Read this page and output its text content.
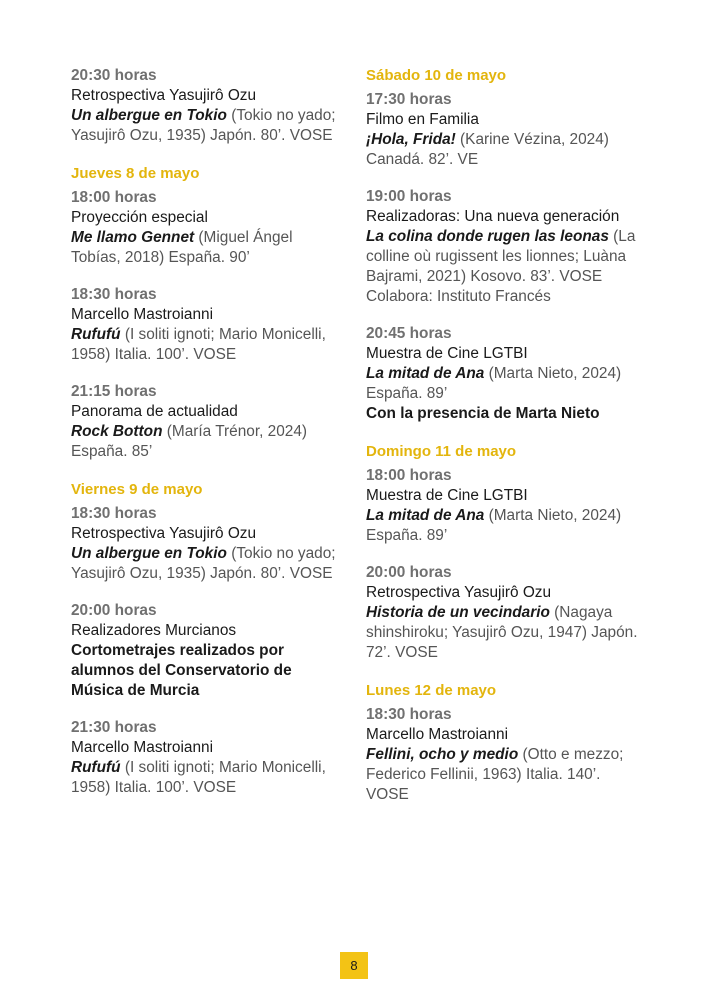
20:30 horas
Retrospectiva Yasujirô Ozu
Un albergue en Tokio (Tokio no yado; Yasujirô Ozu, 1935) Japón. 80’. VOSE
Jueves 8 de mayo
18:00 horas
Proyección especial
Me llamo Gennet (Miguel Ángel Tobías, 2018) España. 90’
18:30 horas
Marcello Mastroianni
Rufufú (I soliti ignoti; Mario Monicelli, 1958) Italia. 100’. VOSE
21:15 horas
Panorama de actualidad
Rock Botton (María Trénor, 2024) España. 85’
Viernes 9 de mayo
18:30 horas
Retrospectiva Yasujirô Ozu
Un albergue en Tokio (Tokio no yado; Yasujirô Ozu, 1935) Japón. 80’. VOSE
20:00 horas
Realizadores Murcianos
Cortometrajes realizados por alumnos del Conservatorio de Música de Murcia
21:30 horas
Marcello Mastroianni
Rufufú (I soliti ignoti; Mario Monicelli, 1958) Italia. 100’. VOSE
Sábado 10 de mayo
17:30 horas
Filmo en Familia
¡Hola, Frida! (Karine Vézina, 2024) Canadá. 82’. VE
19:00 horas
Realizadoras: Una nueva generación
La colina donde rugen las leonas (La colline où rugissent les lionnes; Luàna Bajrami, 2021) Kosovo. 83’. VOSE
Colabora: Instituto Francés
20:45 horas
Muestra de Cine LGTBI
La mitad de Ana (Marta Nieto, 2024) España. 89’
Con la presencia de Marta Nieto
Domingo 11 de mayo
18:00 horas
Muestra de Cine LGTBI
La mitad de Ana (Marta Nieto, 2024) España. 89’
20:00 horas
Retrospectiva Yasujirô Ozu
Historia de un vecindario (Nagaya shinshiroku; Yasujirô Ozu, 1947) Japón. 72’. VOSE
Lunes 12 de mayo
18:30 horas
Marcello Mastroianni
Fellini, ocho y medio (Otto e mezzo; Federico Fellinii, 1963) Italia. 140’. VOSE
8
